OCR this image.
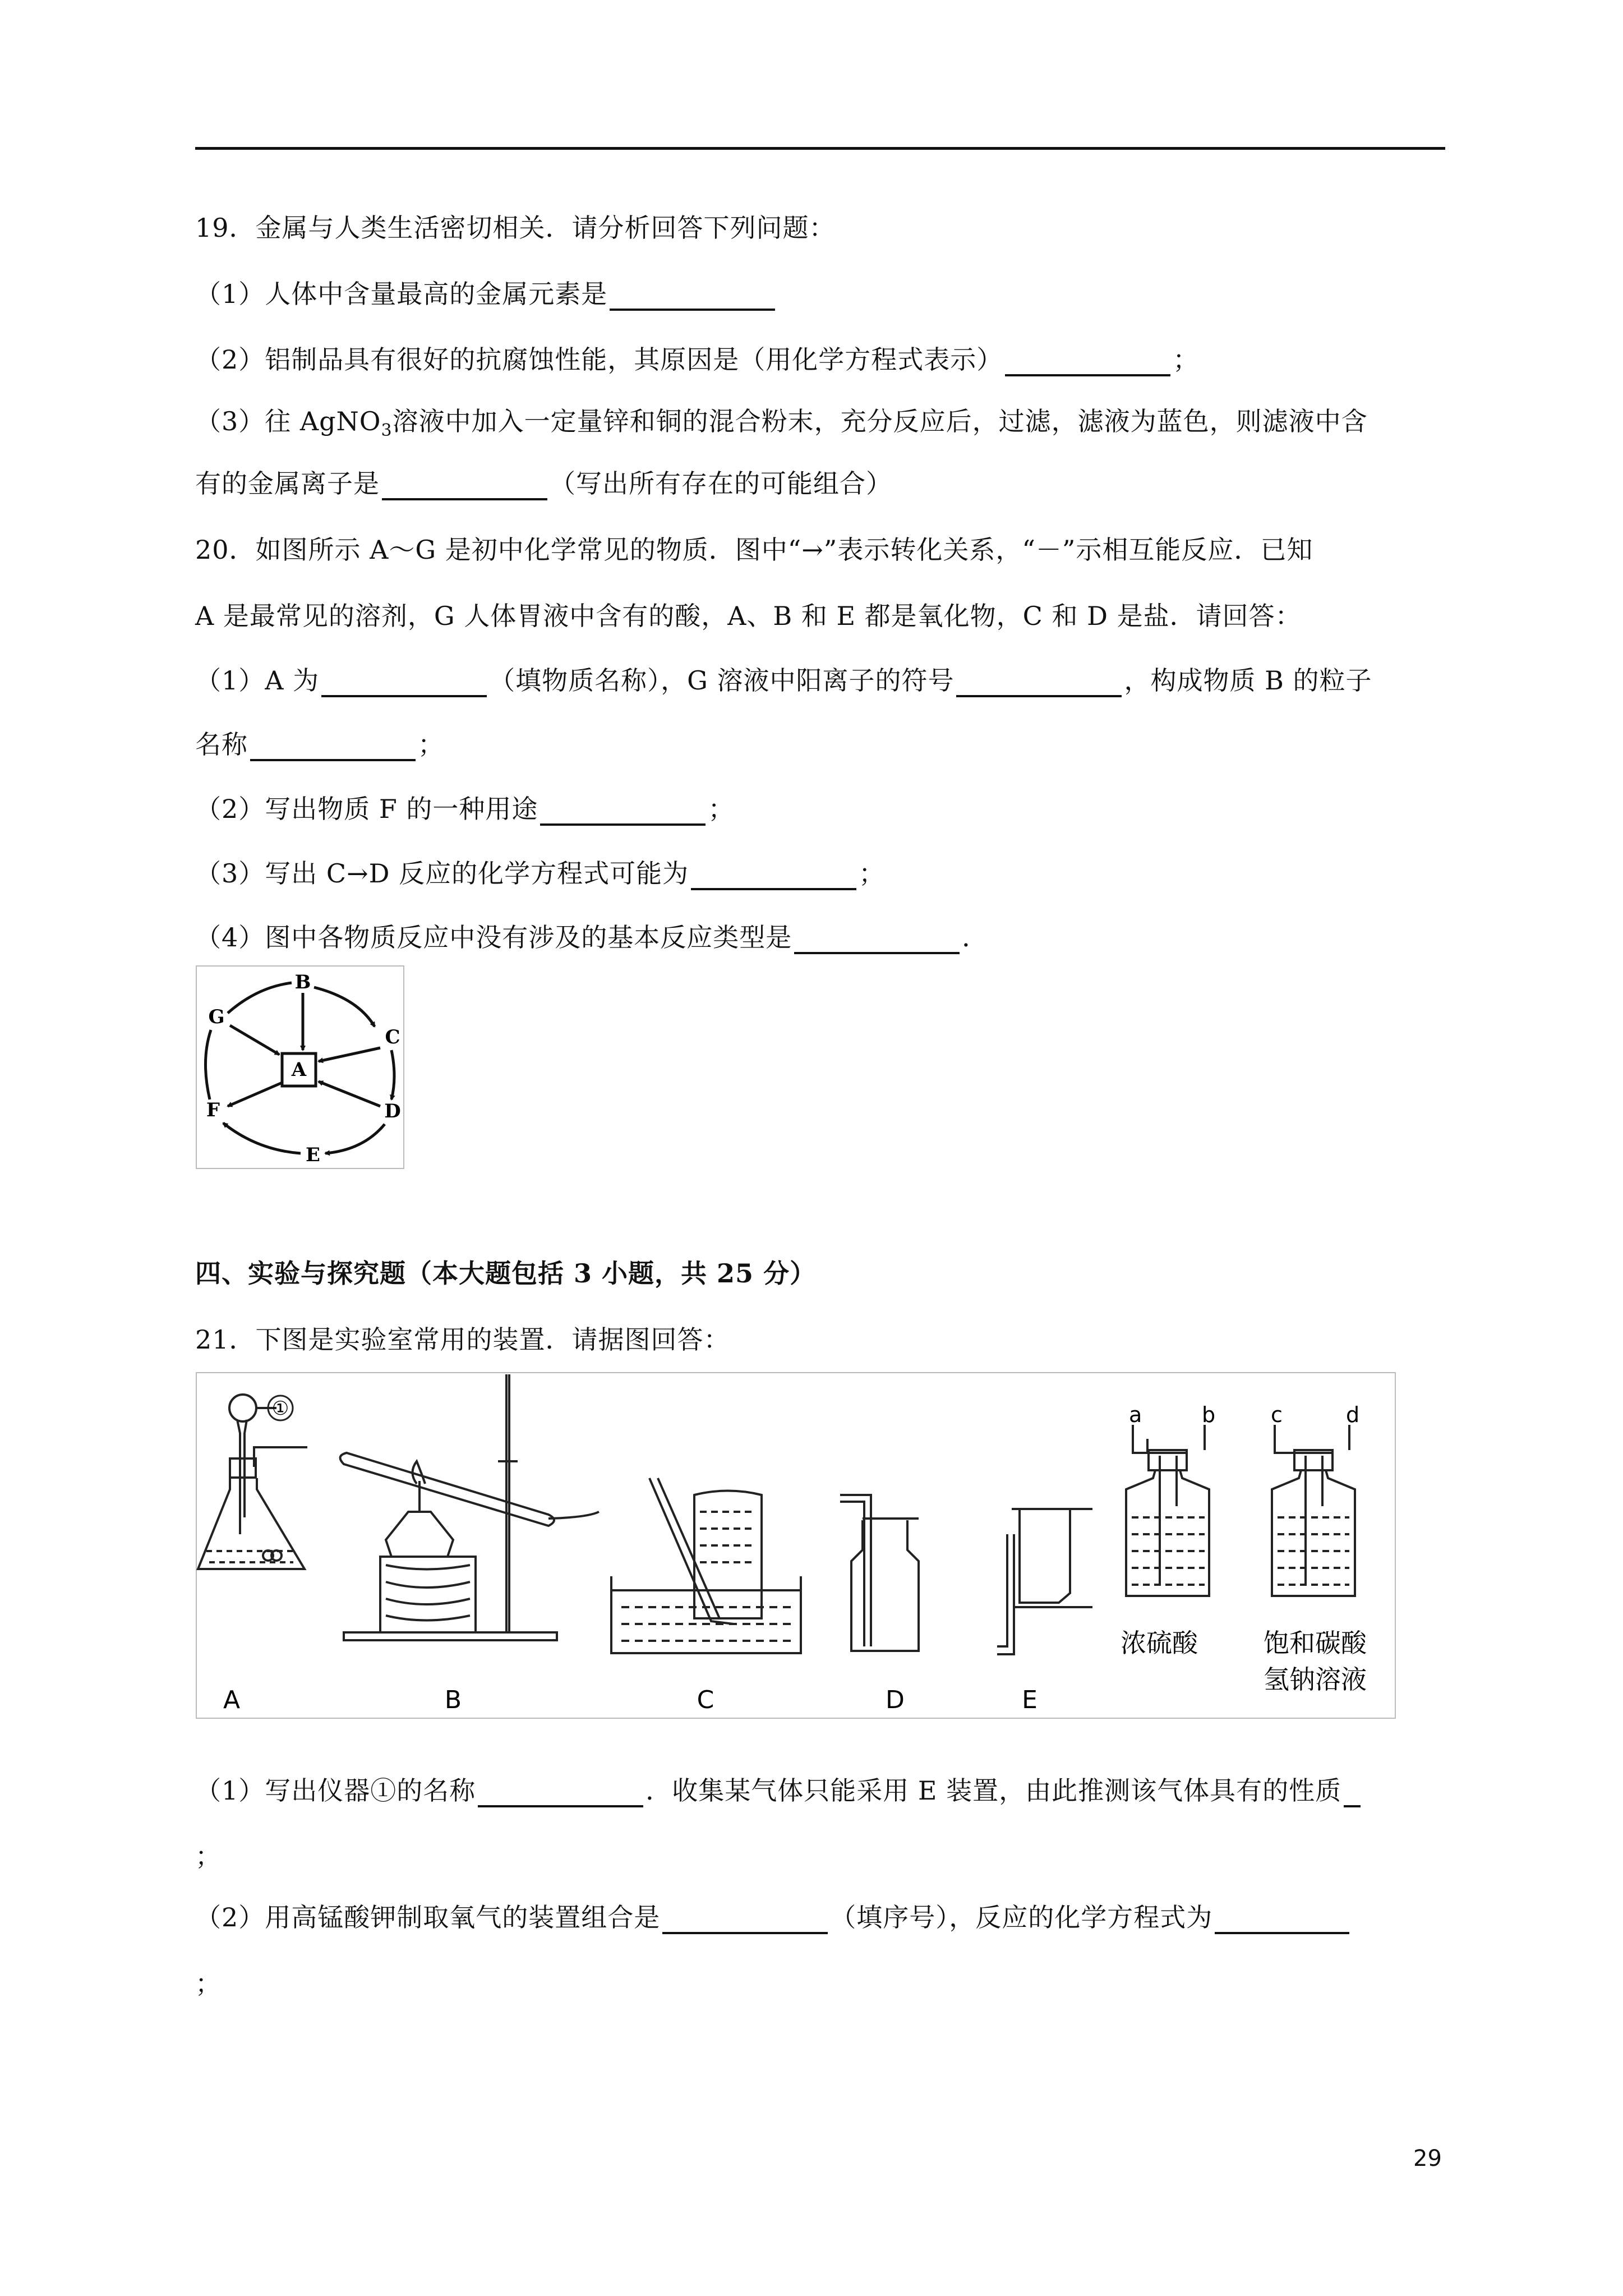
19．金属与人类生活密切相关．请分析回答下列问题：
（1）人体中含量最高的金属元素是
（2）铝制品具有很好的抗腐蚀性能，其原因是（用化学方程式表示）	；
（3）往 AgNO$_3$溶液中加入一定量锌和铜的混合粉末，充分反应后，过滤，滤液为蓝色，则滤液中含
有的金属离子是	（写出所有存在的可能组合）
20．如图所示 A～G 是初中化学常见的物质．图中“→”表示转化关系，“－”示相互能反应．已知
A 是最常见的溶剂，G 人体胃液中含有的酸，A、B 和 E 都是氧化物，C 和 D 是盐．请回答：
（1）A 为	（填物质名称），G 溶液中阳离子的符号	，构成物质 B 的粒子
名称	；
（2）写出物质 F 的一种用途	；
（3）写出 C→D 反应的化学方程式可能为	；
（4）图中各物质反应中没有涉及的基本反应类型是	．
A
B
C
D
E
F
G
四、实验与探究题（本大题包括 3 小题，共 25 分）
21．下图是实验室常用的装置．请据图回答：
①	a	b	c	d
浓硫酸	饱和碳酸
氢钠溶液
A	B	C	D	E
（1）写出仪器①的名称	．收集某气体只能采用 E 装置，由此推测该气体具有的性质
；
（2）用高锰酸钾制取氧气的装置组合是	（填序号），反应的化学方程式为
；
29
